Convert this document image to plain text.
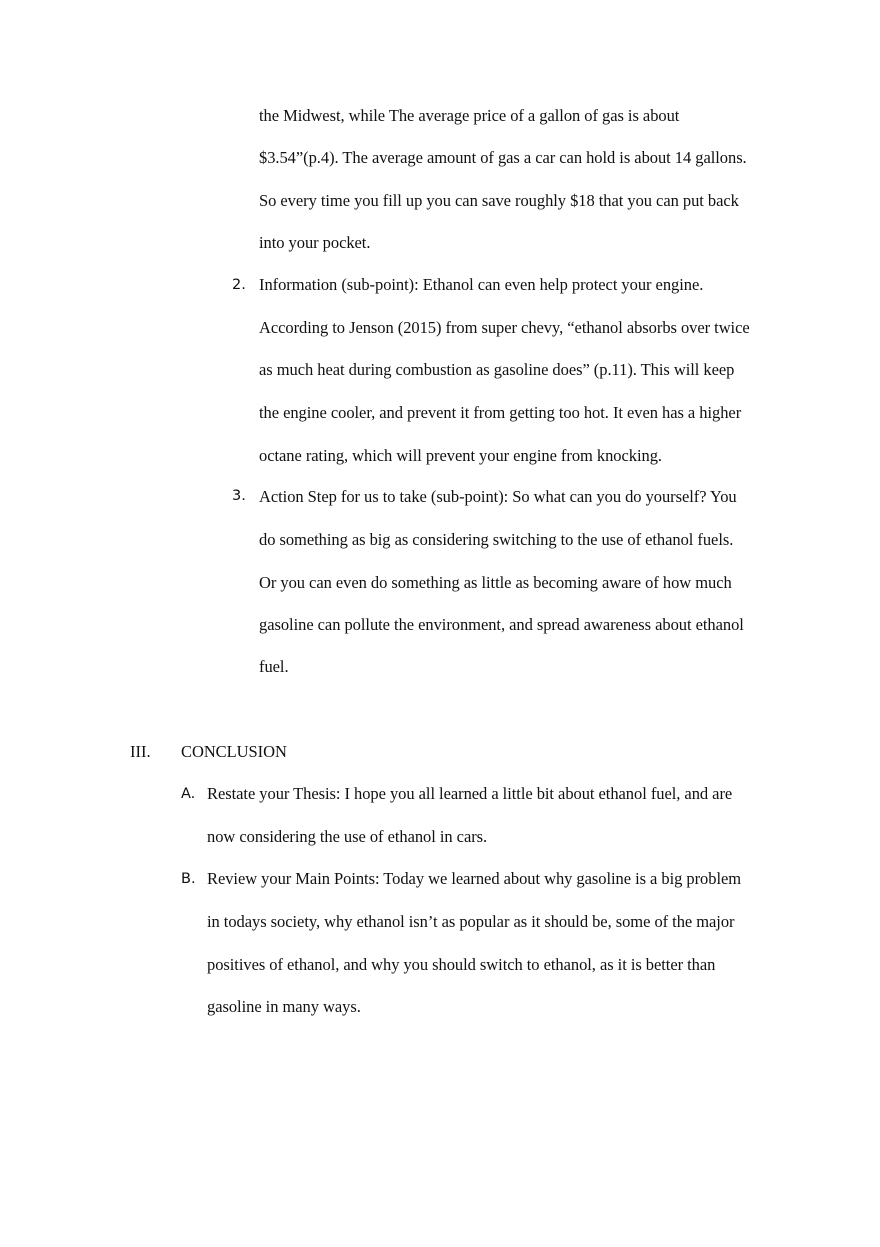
the Midwest, while The average price of a gallon of gas is about
$3.54”(p.4). The average amount of gas a car can hold is about 14 gallons.
So every time you fill up you can save roughly $18 that you can put back
into your pocket.
2. Information (sub-point): Ethanol can even help protect your engine.
According to Jenson (2015) from super chevy, “ethanol absorbs over twice
as much heat during combustion as gasoline does” (p.11). This will keep
the engine cooler, and prevent it from getting too hot. It even has a higher
octane rating, which will prevent your engine from knocking.
3. Action Step for us to take (sub-point): So what can you do yourself? You
do something as big as considering switching to the use of ethanol fuels.
Or you can even do something as little as becoming aware of how much
gasoline can pollute the environment, and spread awareness about ethanol
fuel.
III. CONCLUSION
A. Restate your Thesis: I hope you all learned a little bit about ethanol fuel, and are
now considering the use of ethanol in cars.
B. Review your Main Points: Today we learned about why gasoline is a big problem
in todays society, why ethanol isn’t as popular as it should be, some of the major
positives of ethanol, and why you should switch to ethanol, as it is better than
gasoline in many ways.
